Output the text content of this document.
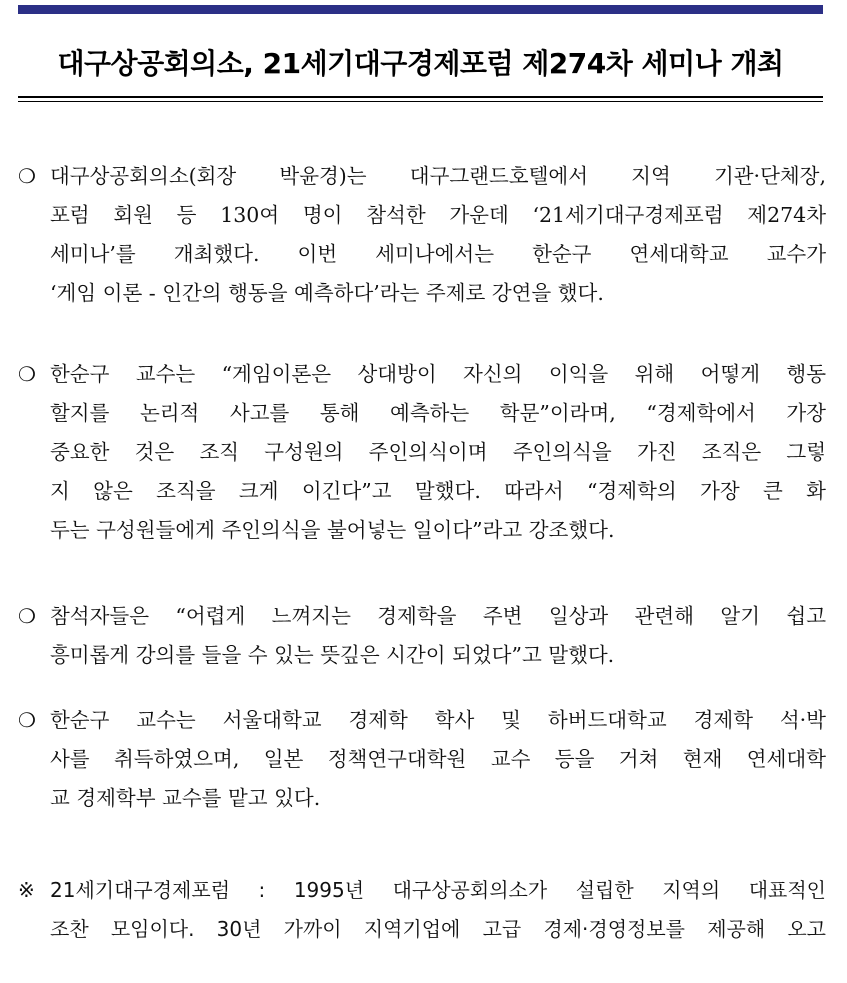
대구상공회의소, 21세기대구경제포럼 제274차 세미나 개최
❍ 대구상공회의소(회장 박윤경)는 대구그랜드호텔에서 지역 기관·단체장,
포럼 회원 등 130여 명이 참석한 가운데 ‘21세기대구경제포럼 제274차
세미나’를 개최했다. 이번 세미나에서는 한순구 연세대학교 교수가
‘게임 이론 - 인간의 행동을 예측하다’라는 주제로 강연을 했다.
❍ 한순구 교수는 “게임이론은 상대방이 자신의 이익을 위해 어떻게 행동
할지를 논리적 사고를 통해 예측하는 학문”이라며, “경제학에서 가장
중요한 것은 조직 구성원의 주인의식이며 주인의식을 가진 조직은 그렇
지 않은 조직을 크게 이긴다”고 말했다. 따라서 “경제학의 가장 큰 화
두는 구성원들에게 주인의식을 불어넣는 일이다”라고 강조했다.
❍ 참석자들은 “어렵게 느껴지는 경제학을 주변 일상과 관련해 알기 쉽고
흥미롭게 강의를 들을 수 있는 뜻깊은 시간이 되었다”고 말했다.
❍ 한순구 교수는 서울대학교 경제학 학사 및 하버드대학교 경제학 석·박
사를 취득하였으며, 일본 정책연구대학원 교수 등을 거쳐 현재 연세대학
교 경제학부 교수를 맡고 있다.
※ 21세기대구경제포럼 : 1995년 대구상공회의소가 설립한 지역의 대표적인
조찬 모임이다. 30년 가까이 지역기업에 고급 경제·경영정보를 제공해 오고
